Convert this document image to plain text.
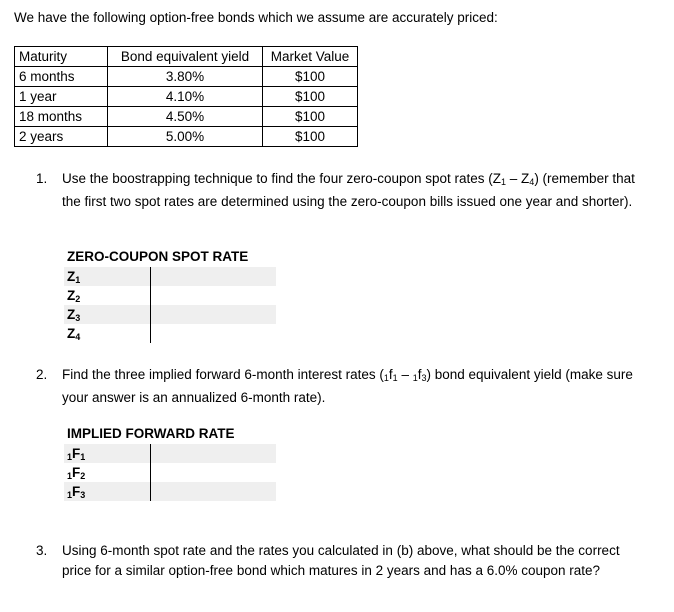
We have the following option-free bonds which we assume are accurately priced:
Maturity	Bond equivalent yield	Market Value
6 months	3.80%	$100
1 year	4.10%	$100
18 months	4.50%	$100
2 years	5.00%	$100
1. Use the boostrapping technique to find the four zero-coupon spot rates $(Z_1 - Z_4)$ (remember that the first two spot rates are determined using the zero-coupon bills issued one year and shorter).
ZERO-COUPON SPOT RATE
$Z_1$
$Z_2$
$Z_3$
$Z_4$
2. Find the three implied forward 6-month interest rates $(1f_1 - 1f_3)$ bond equivalent yield (make sure your answer is an annualized 6-month rate).
IMPLIED FORWARD RATE
$1F_1$
$1F_2$
$1F_3$
3. Using 6-month spot rate and the rates you calculated in (b) above, what should be the correct price for a similar option-free bond which matures in 2 years and has a 6.0% coupon rate?
